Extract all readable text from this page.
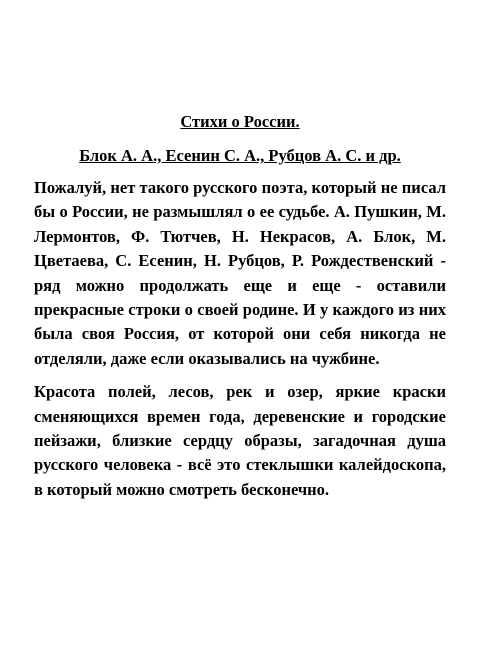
Стихи о России.

Блок А. А., Есенин С. А., Рубцов А. С. и др.

Пожалуй, нет такого русского поэта, который не писал бы о России, не размышлял о ее судьбе. А. Пушкин, М. Лермонтов, Ф. Тютчев, Н. Некрасов, А. Блок, М. Цветаева, С. Есенин, Н. Рубцов, Р. Рождественский - ряд можно продолжать еще и еще - оставили прекрасные строки о своей родине. И у каждого из них была своя Россия, от которой они себя никогда не отделяли, даже если оказывались на чужбине.

Красота полей, лесов, рек и озер, яркие краски сменяющихся времен года, деревенские и городские пейзажи, близкие сердцу образы, загадочная душа русского человека - всё это стеклышки калейдоскопа, в который можно смотреть бесконечно.
